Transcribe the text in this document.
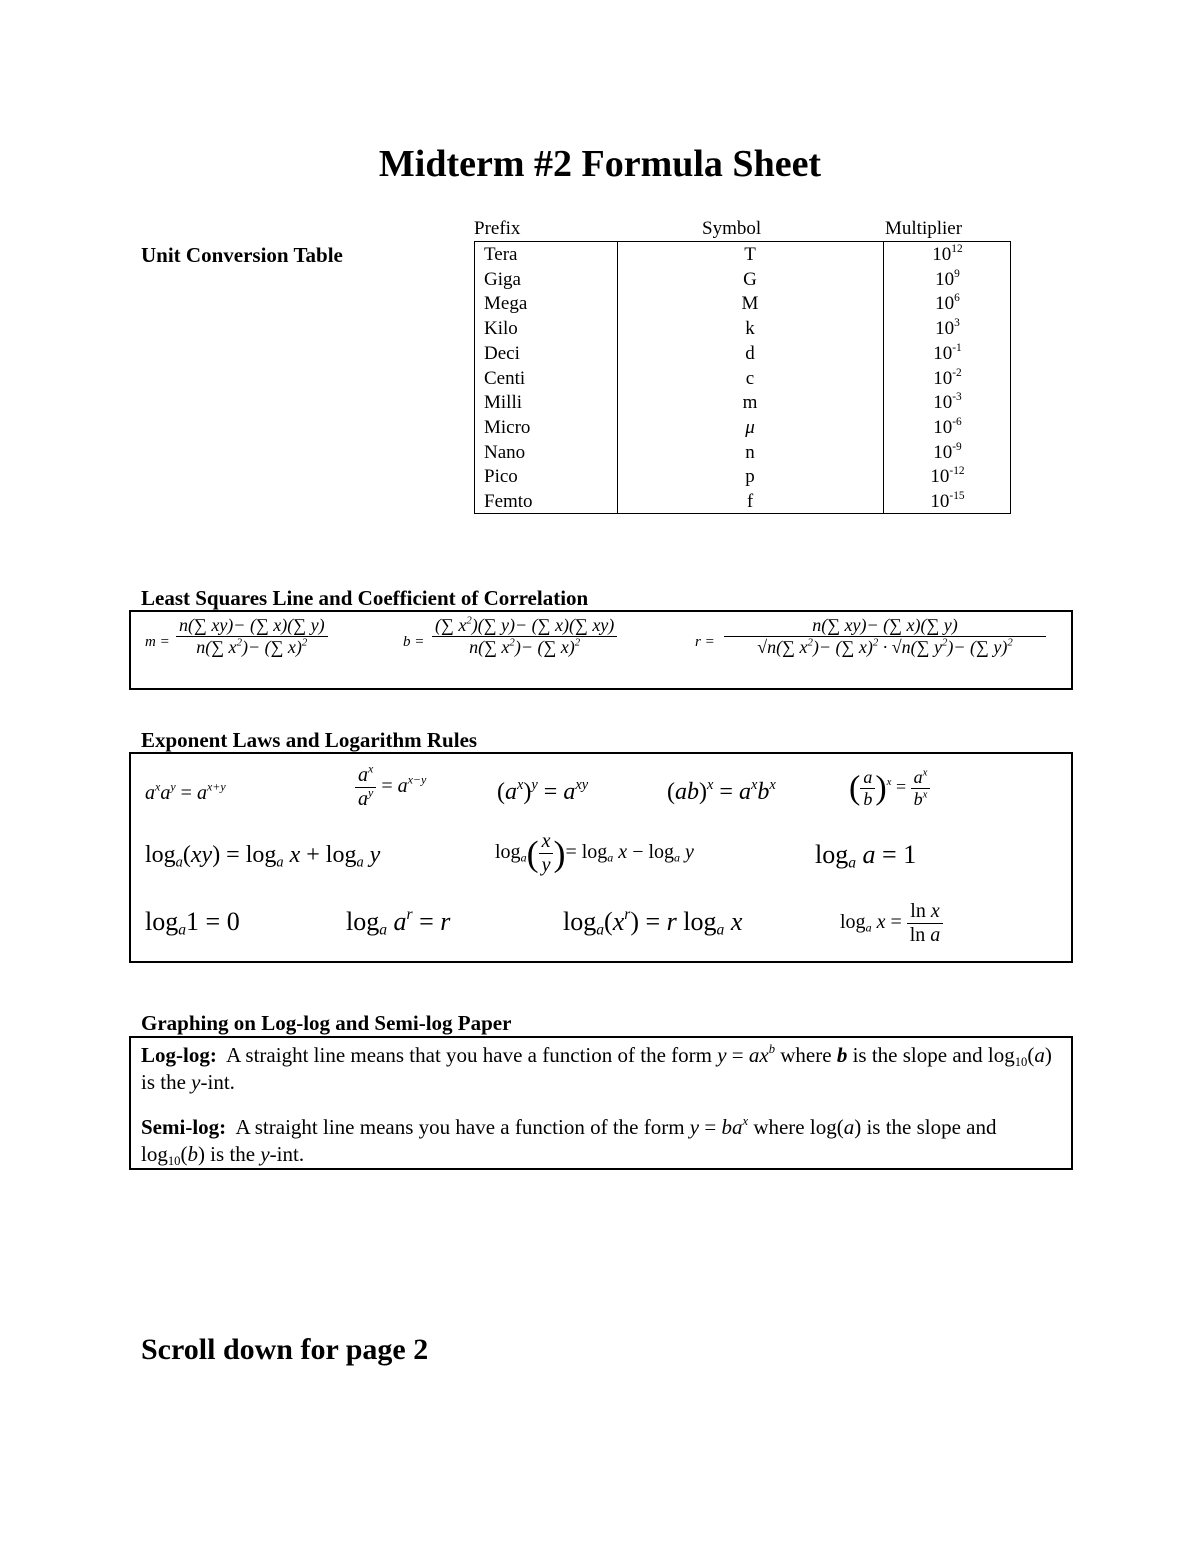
Midterm #2 Formula Sheet
Unit Conversion Table
Prefix	Symbol	Multiplier
Tera	T	$10^{12}$
Giga	G	$10^9$
Mega	M	$10^6$
Kilo	k	$10^3$
Deci	d	$10^{-1}$
Centi	c	$10^{-2}$
Milli	m	$10^{-3}$
Micro	μ	$10^{-6}$
Nano	n	$10^{-9}$
Pico	p	$10^{-12}$
Femto	f	$10^{-15}$
Least Squares Line and Coefficient of Correlation
$m = \frac{n(\sum xy)- (\sum x)(\sum y)}{n(\sum x^2)- (\sum x)^2}$	$b = \frac{(\sum x^2)(\sum y)- (\sum x)(\sum xy)}{n(\sum x^2)- (\sum x)^2}$	$r = \frac{n(\sum xy)- (\sum x)(\sum y)}{√n(\sum x^2)- (\sum x)^2 \cdot √n(\sum y^2)- (\sum y)^2}$
Exponent Laws and Logarithm Rules
$a^xa^y = a^{x+y}$	$\frac{a^x}{a^y} = a^{x-y}$	$(a^x)^y = a^{xy}$	$(ab)^x = a^xb^x$ ( $\frac{a}{b} )^x = \frac{a^x}{b^x}$
$\log_a(xy) = \log_a x + \log_a y$	$\log_a( \frac{x}{y}$ )= $\log_a x - \log_a y$	$\log_a a = 1$
$\log_a1 = 0$	$\log_a a^r = r$	$\log_a(x^r) = r$ $\log_a x$	$\log_a x = \frac{\text{ln x}}{\text{ln a}}$
Graphing on Log-log and Semi-log Paper
Log-log:  A straight line means that you have a function of the form $y = ax^b$ where b is the slope and $\log_{10}(a)$ is the y-int.
Semi-log:  A straight line means you have a function of the form $y = ba^x$ where log(a) is the slope and $\log_{10}(b)$ is the y-int.
Scroll down for page 2
